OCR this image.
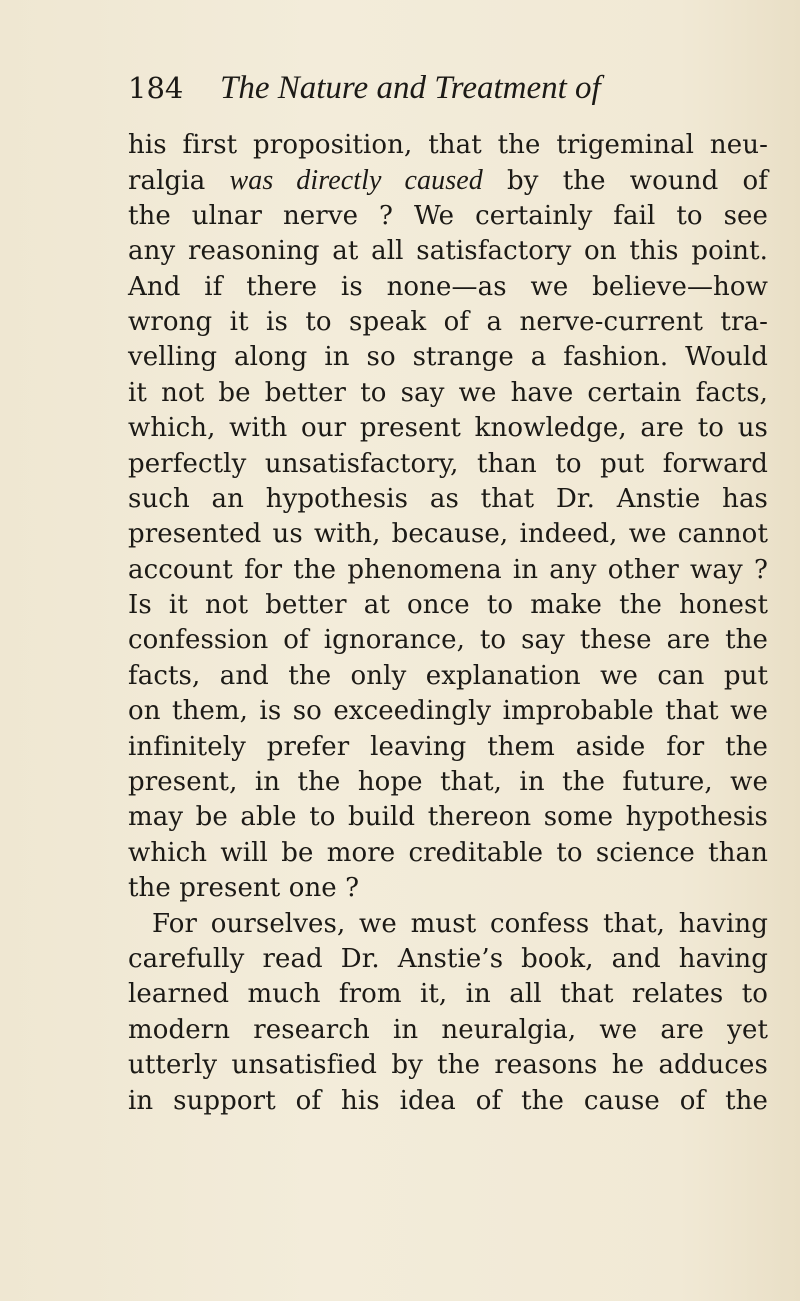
184 The Nature and Treatment of
his first proposition, that the trigeminal neu-
ralgia was directly caused by the wound of
the ulnar nerve ? We certainly fail to see
any reasoning at all satisfactory on this point.
And if there is none—as we believe—how
wrong it is to speak of a nerve-current tra-
velling along in so strange a fashion. Would
it not be better to say we have certain facts,
which, with our present knowledge, are to us
perfectly unsatisfactory, than to put forward
such an hypothesis as that Dr. Anstie has
presented us with, because, indeed, we cannot
account for the phenomena in any other way ?
Is it not better at once to make the honest
confession of ignorance, to say these are the
facts, and the only explanation we can put
on them, is so exceedingly improbable that we
infinitely prefer leaving them aside for the
present, in the hope that, in the future, we
may be able to build thereon some hypothesis
which will be more creditable to science than
the present one ?
For ourselves, we must confess that, having
carefully read Dr. Anstie’s book, and having
learned much from it, in all that relates to
modern research in neuralgia, we are yet
utterly unsatisfied by the reasons he adduces
in support of his idea of the cause of the
